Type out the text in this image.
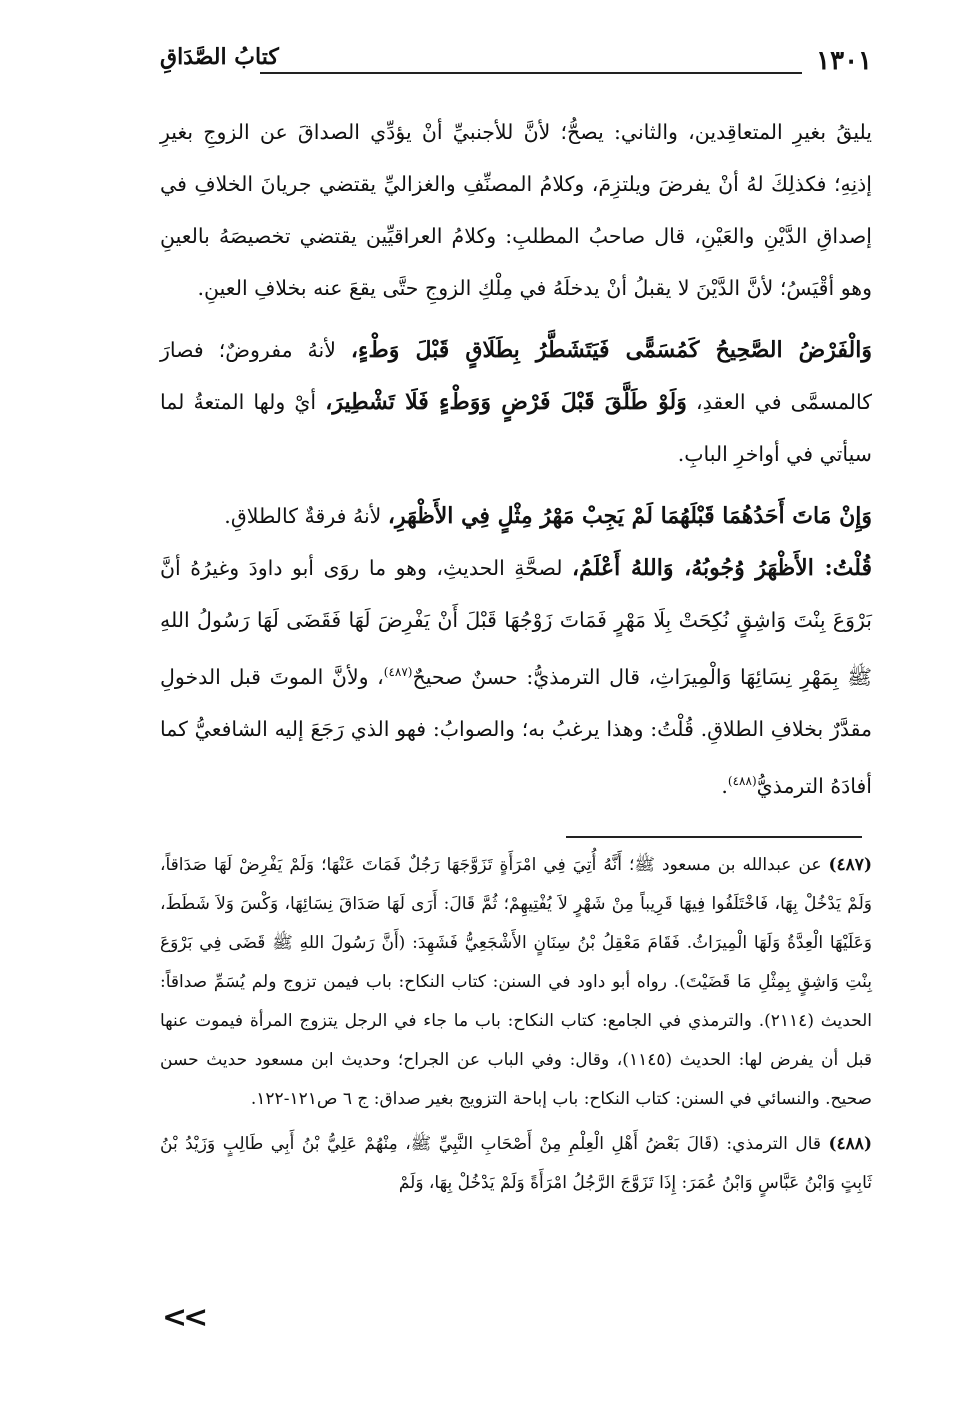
١٣٠١
كتابُ الصَّدَاقِ

يليقُ بغيرِ المتعاقِدين، والثاني: يصحُّ؛ لأنَّ للأجنبيِّ أنْ يؤدِّي الصداقَ عن الزوجِ بغيرِ إذنِهِ؛ فكذلِكَ لهُ أنْ يفرضَ ويلتزِمَ، وكلامُ المصنِّفِ والغزاليِّ يقتضي جريانَ الخلافِ في إصداقِ الدَّيْنِ والعَيْنِ، قال صاحبُ المطلبِ: وكلامُ العراقيِّين يقتضي تخصيصَهُ بالعينِ وهو أقْيَسُ؛ لأنَّ الدَّيْنَ لا يقبلُ أنْ يدخلَهُ في مِلْكِ الزوجِ حتَّى يقعَ عنه بخلافِ العينِ.

وَالْفَرْضُ الصَّحِيحُ كَمُسَمًّى فَيَتَشَطَّرُ بِطَلَاقٍ قَبْلَ وَطْءٍ، لأنهُ مفروضٌ؛ فصارَ كالمسمَّى في العقدِ، وَلَوْ طَلَّقَ قَبْلَ فَرْضٍ وَوَطْءٍ فَلَا تَشْطِيرَ، أيْ ولها المتعةُ لما سيأتي في أواخرِ البابِ.

وَإِنْ مَاتَ أَحَدُهُمَا قَبْلَهُمَا لَمْ يَجِبْ مَهْرُ مِثْلٍ فِي الأَظْهَرِ، لأنهُ فرقةٌ كالطلاقِ.
قُلْتُ: الأَظْهَرُ وُجُوبُهُ، وَاللهُ أَعْلَمُ، لصحَّةِ الحديثِ، وهو ما روَى أبو داودَ وغيرُهُ أنَّ بَرْوَعَ بِنْتَ وَاشِقٍ نُكِحَتْ بِلَا مَهْرٍ فَمَاتَ زَوْجُهَا قَبْلَ أَنْ يَفْرِضَ لَهَا فَقَضَى لَهَا رَسُولُ اللهِ ﷺ بِمَهْرِ نِسَائِهَا وَالْمِيرَاثِ، قال الترمذيُّ: حسنٌ صحيحٌ$^{(٤٨٧)}$، ولأنَّ الموتَ قبل الدخولِ مقدَّرٌ بخلافِ الطلاقِ. قُلْتُ: وهذا يرغبُ به؛ والصوابُ: فهو الذي رَجَعَ إليه الشافعيُّ كما أفادَهُ الترمذيُّ$^{(٤٨٨)}$.

(٤٨٧) عن عبدالله بن مسعود ﷺ؛ أَنَّهُ أُتِيَ فِي امْرَأَةٍ تَزَوَّجَهَا رَجُلٌ فَمَاتَ عَنْهَا؛ وَلَمْ يَفْرِضْ لَهَا صَدَاقاً، وَلَمْ يَدْخُلْ بِهَا، فَاخْتَلَفُوا فِيهَا قَرِيباً مِنْ شَهْرٍ لاَ يُفْتِيهِمْ؛ ثُمَّ قَالَ: أَرَى لَهَا صَدَاقَ نِسَائِهَا، وَكْسَ وَلاَ شَطَطَ، وَعَلَيْهَا الْعِدَّةُ وَلَهَا الْمِيرَاثُ. فَقَامَ مَعْقِلُ بْنُ سِنَانٍ الأَشْجَعِيُّ فَشَهِدَ: (أَنَّ رَسُولَ اللهِ ﷺ قَضَى فِي بَرْوَعَ بِنْتِ وَاشِقٍ بِمِثْلِ مَا قَضَيْتَ). رواه أبو داود في السنن: كتاب النكاح: باب فيمن تزوج ولم يُسَمِّ صداقاً: الحديث (٢١١٤). والترمذي في الجامع: كتاب النكاح: باب ما جاء في الرجل يتزوج المرأة فيموت عنها قبل أن يفرض لها: الحديث (١١٤٥)، وقال: وفي الباب عن الجراح؛ وحديث ابن مسعود حديث حسن صحيح. والنسائي في السنن: كتاب النكاح: باب إباحة التزويج بغير صداق: ج ٦ ص١٢١-١٢٢.

(٤٨٨) قال الترمذي: (قَالَ بَعْضُ أَهْلِ الْعِلْمِ مِنْ أَصْحَابِ النَّبِيِّ ﷺ، مِنْهُمْ عَلِيُّ بْنُ أَبِي طَالِبٍ وَزَيْدُ بْنُ ثَابِتٍ وَابْنُ عَبَّاسٍ وَابْنُ عُمَرَ: إِذَا تَزَوَّجَ الرَّجُلُ امْرَأَةً وَلَمْ يَدْخُلْ بِهَا، وَلَمْ

<<
